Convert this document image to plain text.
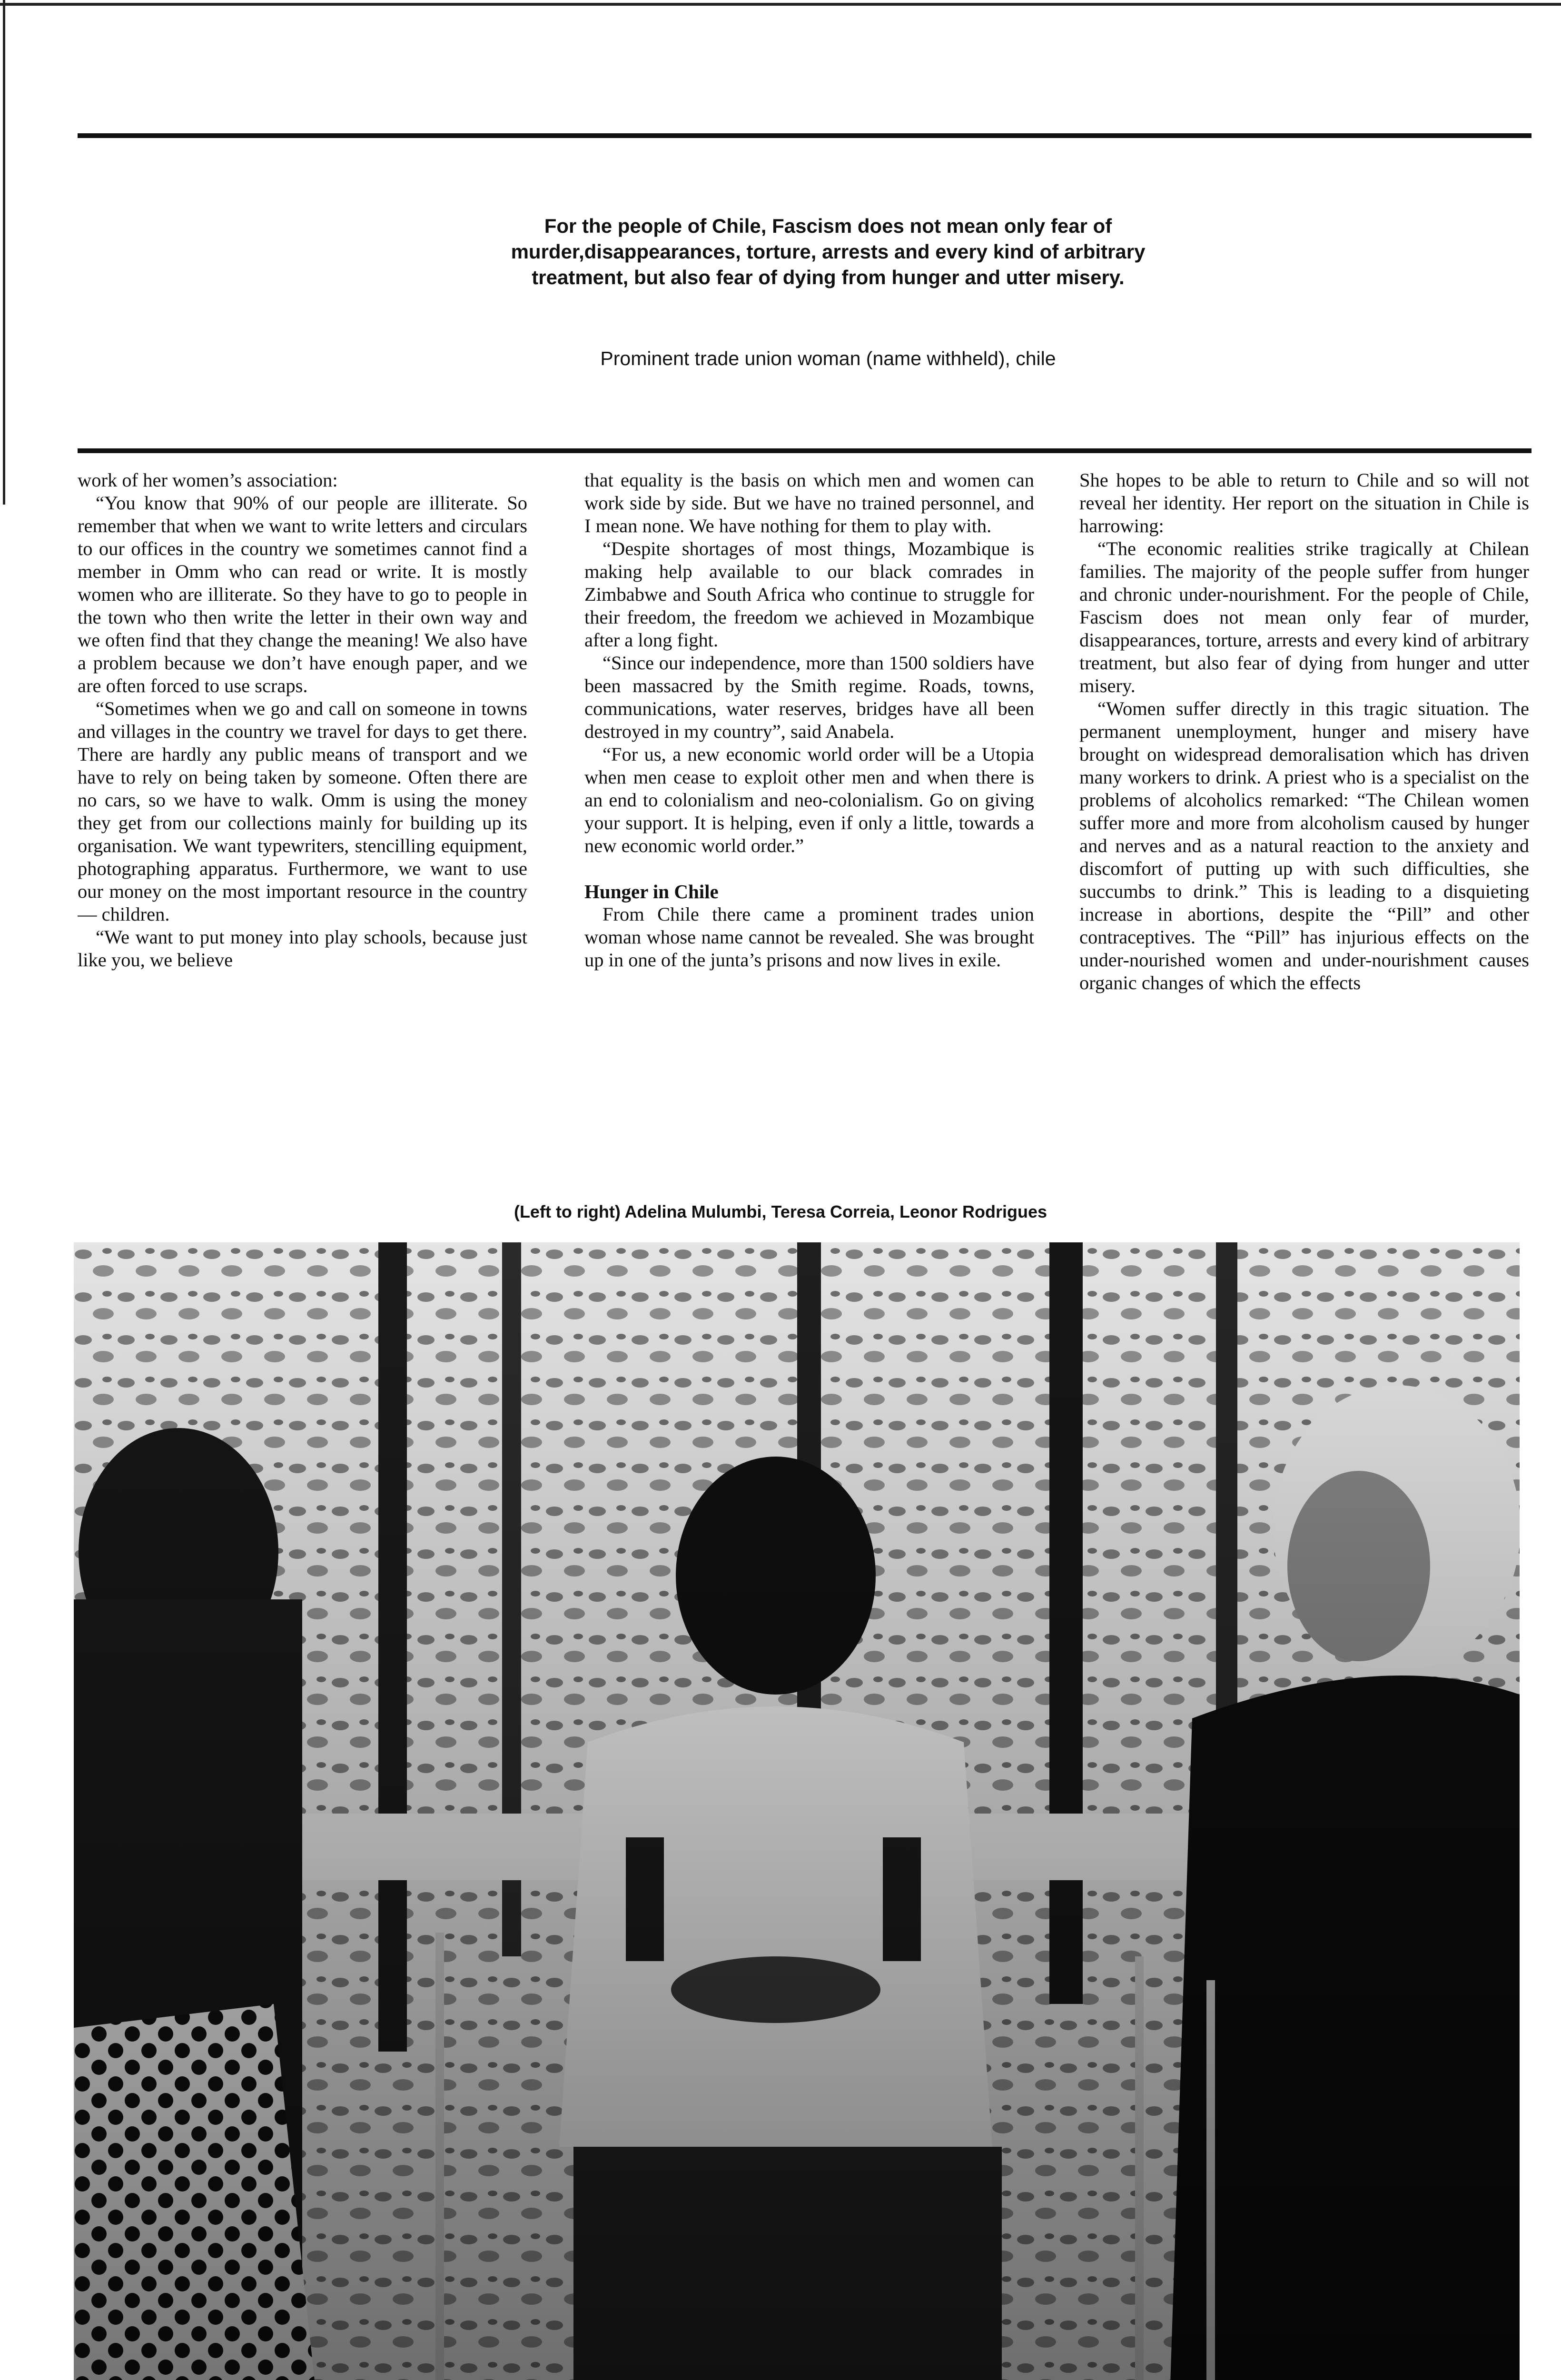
For the people of Chile, Fascism does not mean only fear of murder,disappearances, torture, arrests and every kind of arbitrary treatment, but also fear of dying from hunger and utter misery.

Prominent trade union woman (name withheld), chile

work of her women’s association:

“You know that 90% of our people are illiterate. So remember that when we want to write letters and circulars to our offices in the country we sometimes cannot find a member in Omm who can read or write. It is mostly women who are illiterate. So they have to go to people in the town who then write the letter in their own way and we often find that they change the meaning! We also have a problem because we don’t have enough paper, and we are often forced to use scraps.

“Sometimes when we go and call on someone in towns and villages in the country we travel for days to get there. There are hardly any public means of transport and we have to rely on being taken by someone. Often there are no cars, so we have to walk. Omm is using the money they get from our collections mainly for building up its organisation. We want typewriters, stencilling equipment, photographing apparatus. Furthermore, we want to use our money on the most important resource in the country — children.

“We want to put money into play schools, because just like you, we believe

that equality is the basis on which men and women can work side by side. But we have no trained personnel, and I mean none. We have nothing for them to play with.

“Despite shortages of most things, Mozambique is making help available to our black comrades in Zimbabwe and South Africa who continue to struggle for their freedom, the freedom we achieved in Mozambique after a long fight.

“Since our independence, more than 1500 soldiers have been massacred by the Smith regime. Roads, towns, communications, water reserves, bridges have all been destroyed in my country”, said Anabela.

“For us, a new economic world order will be a Utopia when men cease to exploit other men and when there is an end to colonialism and neo-colonialism. Go on giving your support. It is helping, even if only a little, towards a new economic world order.”

Hunger in Chile

From Chile there came a prominent trades union woman whose name cannot be revealed. She was brought up in one of the junta’s prisons and now lives in exile.

She hopes to be able to return to Chile and so will not reveal her identity. Her report on the situation in Chile is harrowing:

“The economic realities strike tragically at Chilean families. The majority of the people suffer from hunger and chronic under-nourishment. For the people of Chile, Fascism does not mean only fear of murder, disappearances, torture, arrests and every kind of arbitrary treatment, but also fear of dying from hunger and utter misery.

“Women suffer directly in this tragic situation. The permanent unemployment, hunger and misery have brought on widespread demoralisation which has driven many workers to drink. A priest who is a specialist on the problems of alcoholics remarked: “The Chilean women suffer more and more from alcoholism caused by hunger and nerves and as a natural reaction to the anxiety and discomfort of putting up with such difficulties, she succumbs to drink.” This is leading to a disquieting increase in abortions, despite the “Pill” and other contraceptives. The “Pill” has injurious effects on the under-nourished women and under-nourishment causes organic changes of which the effects

(Left to right) Adelina Mulumbi, Teresa Correia, Leonor Rodrigues
